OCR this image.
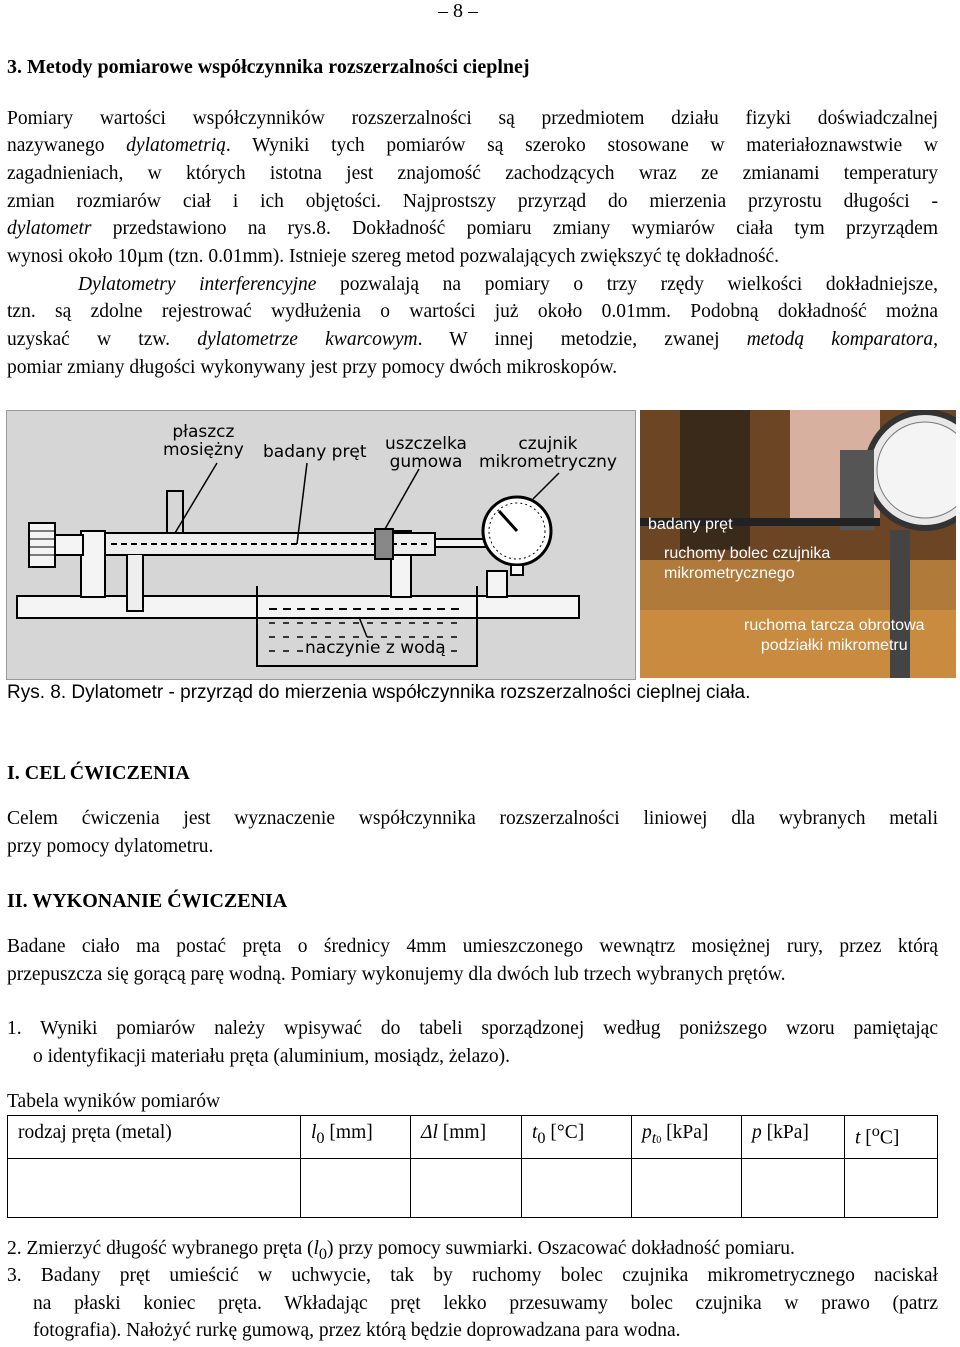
– 8 –
3. Metody pomiarowe współczynnika rozszerzalności cieplnej
Pomiary wartości współczynników rozszerzalności są przedmiotem działu fizyki doświadczalnej
nazywanego dylatometrią. Wyniki tych pomiarów są szeroko stosowane w materiałoznawstwie w
zagadnieniach, w których istotna jest znajomość zachodzących wraz ze zmianami temperatury
zmian rozmiarów ciał i ich objętości. Najprostszy przyrząd do mierzenia przyrostu długości -
dylatometr przedstawiono na rys.8. Dokładność pomiaru zmiany wymiarów ciała tym przyrządem
wynosi około 10µm (tzn. 0.01mm). Istnieje szereg metod pozwalających zwiększyć tę dokładność.
Dylatometry interferencyjne pozwalają na pomiary o trzy rzędy wielkości dokładniejsze,
tzn. są zdolne rejestrować wydłużenia o wartości już około 0.01mm. Podobną dokładność można
uzyskać w tzw. dylatometrze kwarcowym. W innej metodzie, zwanej metodą komparatora,
pomiar zmiany długości wykonywany jest przy pomocy dwóch mikroskopów.
płaszcz
mosiężny badany pręt uszczelka
gumowa
czujnik
mikrometryczny
naczynie z wodą
badany pręt
ruchomy bolec czujnika
mikrometrycznego
ruchoma tarcza obrotowa
podziałki mikrometru
Rys. 8. Dylatometr - przyrząd do mierzenia współczynnika rozszerzalności cieplnej ciała.
I. CEL ĆWICZENIA
Celem ćwiczenia jest wyznaczenie współczynnika rozszerzalności liniowej dla wybranych metali
przy pomocy dylatometru.
II. WYKONANIE ĆWICZENIA
Badane ciało ma postać pręta o średnicy 4mm umieszczonego wewnątrz mosiężnej rury, przez którą
przepuszcza się gorącą parę wodną. Pomiary wykonujemy dla dwóch lub trzech wybranych prętów.
1. Wyniki pomiarów należy wpisywać do tabeli sporządzonej według poniższego wzoru pamiętając
o identyfikacji materiału pręta (aluminium, mosiądz, żelazo).
Tabela wyników pomiarów
rodzaj pręta (metal)	$l_0$ [mm]	Δl [mm]	$t_0$ [°C]	$p_{t0}$ [kPa]	p [kPa]	t [$^o$C]

2. Zmierzyć długość wybranego pręta $(l_0)$ przy pomocy suwmiarki. Oszacować dokładność pomiaru.
3. Badany pręt umieścić w uchwycie, tak by ruchomy bolec czujnika mikrometrycznego naciskał
na płaski koniec pręta. Wkładając pręt lekko przesuwamy bolec czujnika w prawo (patrz
fotografia). Nałożyć rurkę gumową, przez którą będzie doprowadzana para wodna.
